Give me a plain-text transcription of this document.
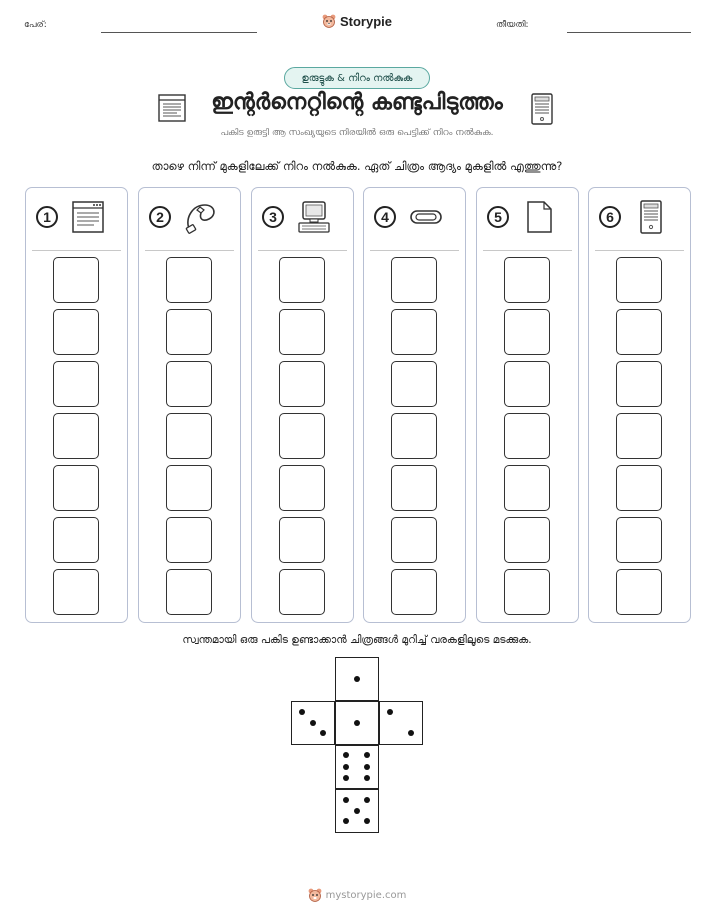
പേര്:	Storypie	തീയതി:
ഉരുട്ടുക & നിറം നൽകുക
ഇന്റർനെറ്റിന്റെ കണ്ടുപിടുത്തം
പകിട ഉരുട്ടി ആ സംഖ്യയുടെ നിരയിൽ ഒരു പെട്ടിക്ക് നിറം നൽകുക.
താഴെ നിന്ന് മുകളിലേക്ക് നിറം നൽകുക. ഏത് ചിത്രം ആദ്യം മുകളിൽ എത്തുന്നു?
1	2	3	4	5	6
സ്വന്തമായി ഒരു പകിട ഉണ്ടാക്കാൻ ചിത്രങ്ങൾ മുറിച്ച് വരകളിലൂടെ മടക്കുക.
mystorypie.com
